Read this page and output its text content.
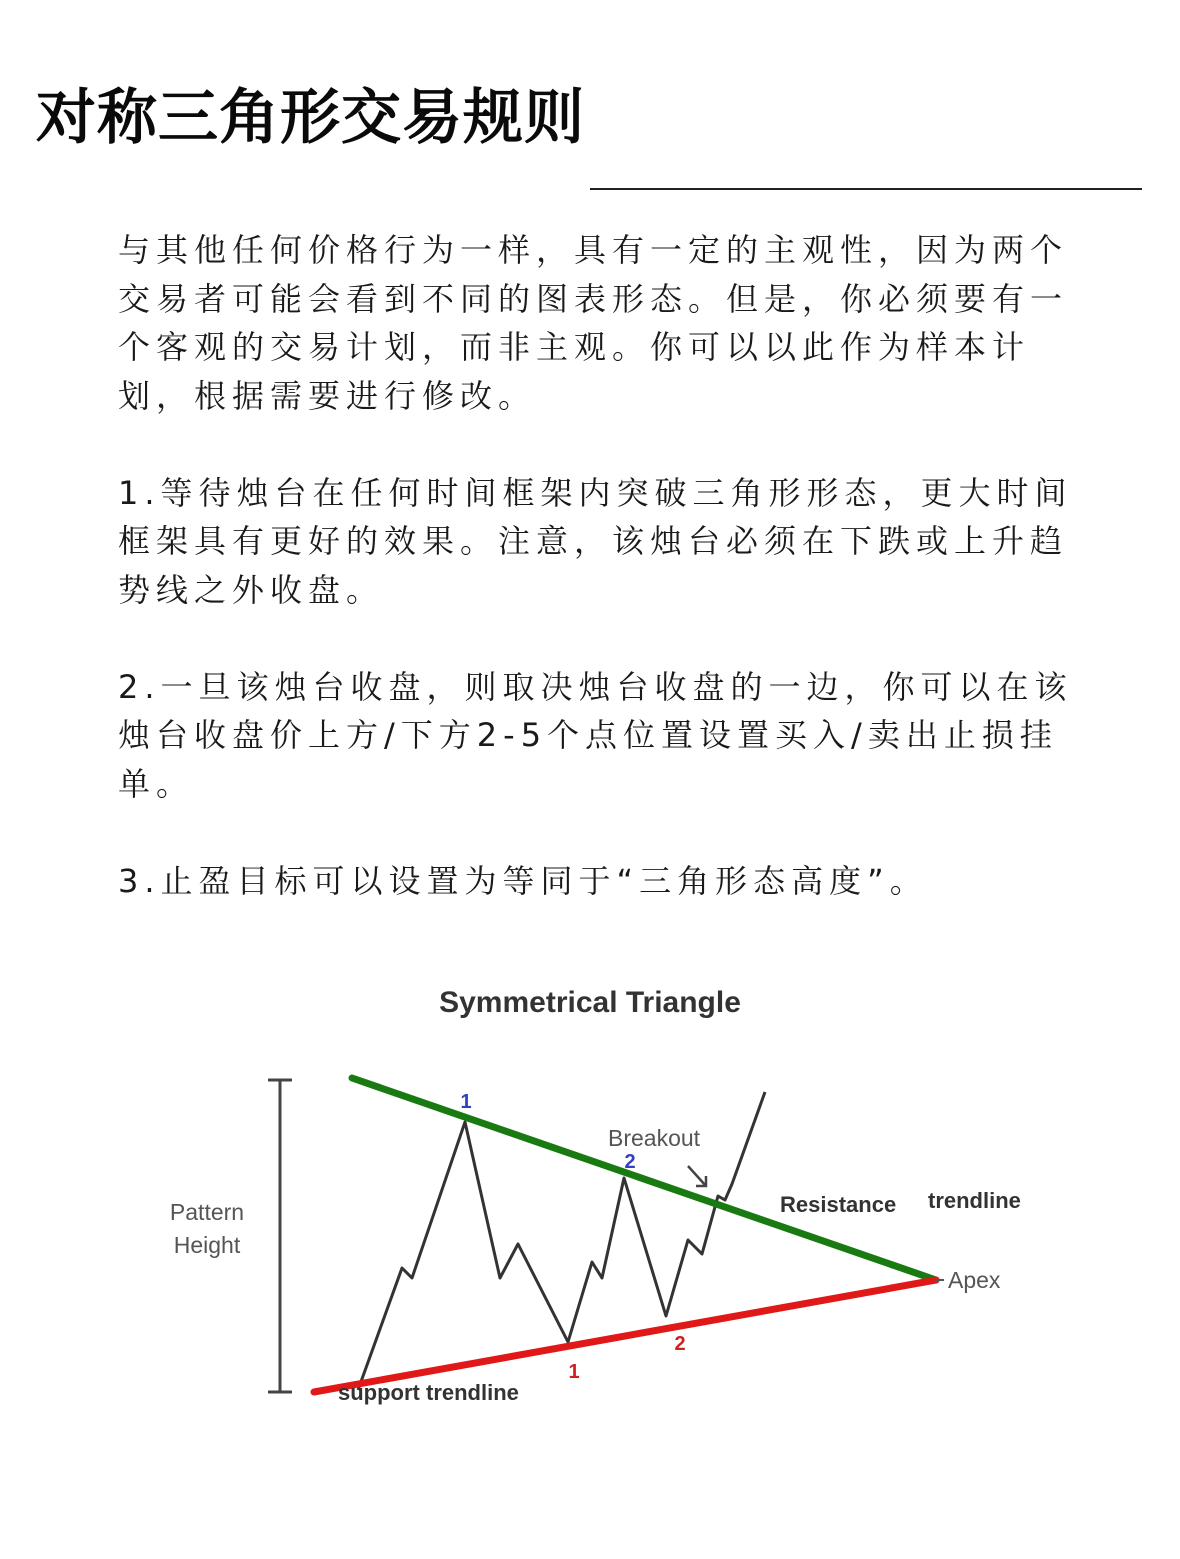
对称三角形交易规则

与其他任何价格行为一样，具有一定的主观性，因为两个交易者可能会看到不同的图表形态。但是，你必须要有一个客观的交易计划，而非主观。你可以以此作为样本计划，根据需要进行修改。

1.等待烛台在任何时间框架内突破三角形形态，更大时间框架具有更好的效果。注意，该烛台必须在下跌或上升趋势线之外收盘。

2.一旦该烛台收盘，则取决烛台收盘的一边，你可以在该烛台收盘价上方/下方2-5个点位置设置买入/卖出止损挂单。

3.止盈目标可以设置为等同于“三角形态高度”。

Symmetrical Triangle
Pattern
Height
Apex
1
2
1
2
Breakout
Resistance trendline
support trendline
